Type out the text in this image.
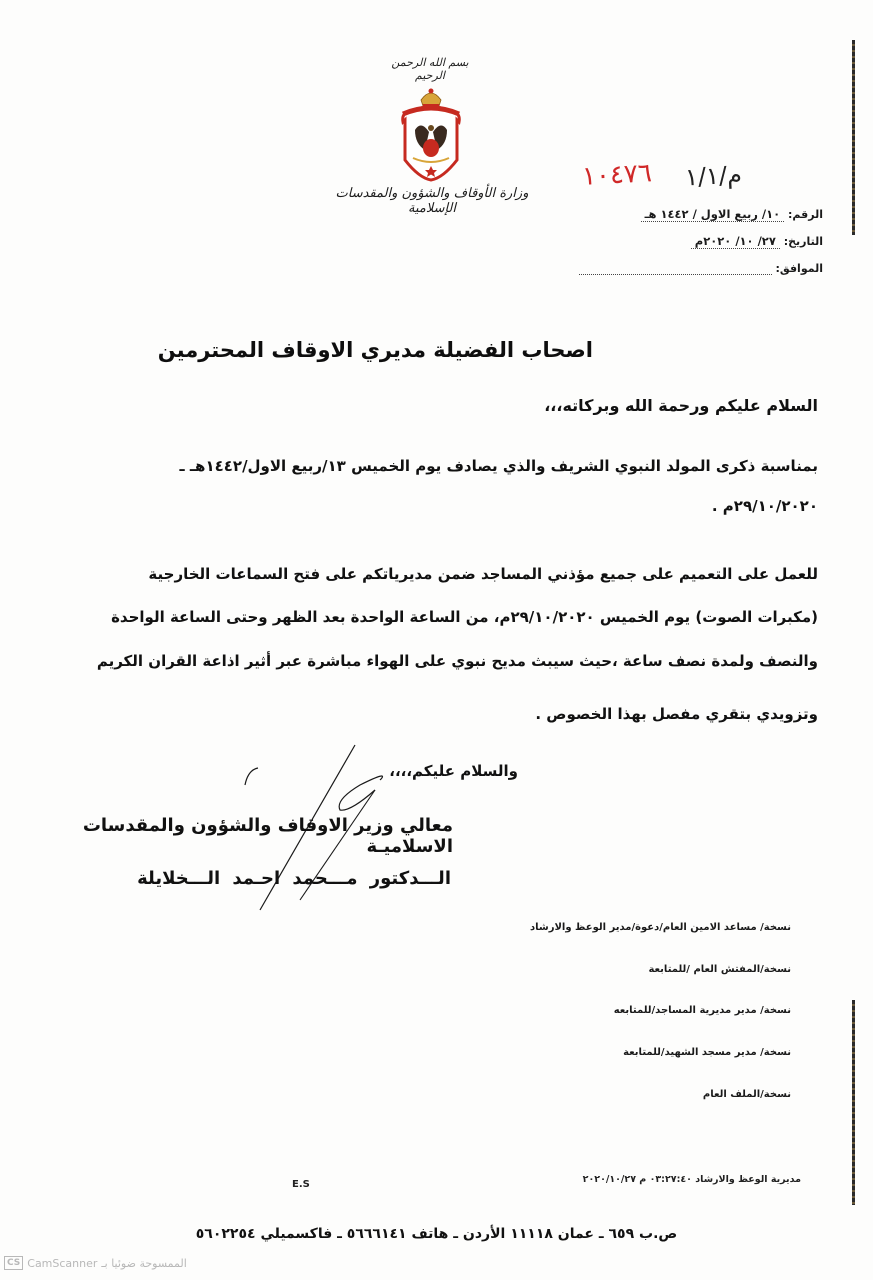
بسم الله الرحمن الرحيم
وزارة الأوقاف والشؤون والمقدسات الإسلامية
١٠٤٧٦ م/١/١
الرقم: ١٠/ ربيع الاول / ١٤٤٢ هـ
التاريخ: ٢٧/ ١٠/ ٢٠٢٠م
الموافق:
اصحاب الفضيلة مديري الاوقاف المحترمين
السلام عليكم ورحمة الله وبركاته،،،
بمناسبة ذكرى المولد النبوي الشريف والذي يصادف يوم الخميس ١٣/ربيع الاول/١٤٤٢هـ ـ
٢٩/١٠/٢٠٢٠م .
للعمل على التعميم على جميع مؤذني المساجد ضمن مديرياتكم على فتح السماعات الخارجية
(مكبرات الصوت) يوم الخميس ٢٩/١٠/٢٠٢٠م، من الساعة الواحدة بعد الظهر وحتى الساعة الواحدة
والنصف ولمدة نصف ساعة ،حيث سيبث مديح نبوي على الهواء مباشرة عبر أثير اذاعة القران الكريم
وتزويدي بتقري مفصل بهذا الخصوص .
والسلام عليكم،،،،
معالي وزير الاوقاف والشؤون والمقدسات الاسلاميـة
الـــدكتور مـــحمد احـمد الـــخلايلة
نسخة/ مساعد الامين العام/دعوة/مدير الوعظ والارشاد
نسخة/المفتش العام /للمتابعة
نسخة/ مدير مديرية المساجد/للمتابعه
نسخة/ مدير مسجد الشهيد/للمتابعة
نسخة/الملف العام
مديرية الوعظ والارشاد ٠٣:٢٧:٤٠ م ٢٠٢٠/١٠/٢٧
E.S
ص.ب ٦٥٩ ـ عمان ١١١١٨ الأردن ـ هاتف ٥٦٦٦١٤١ ـ فاكسميلي ٥٦٠٢٢٥٤
CS CamScanner الممسوحة ضوئيا بـ
